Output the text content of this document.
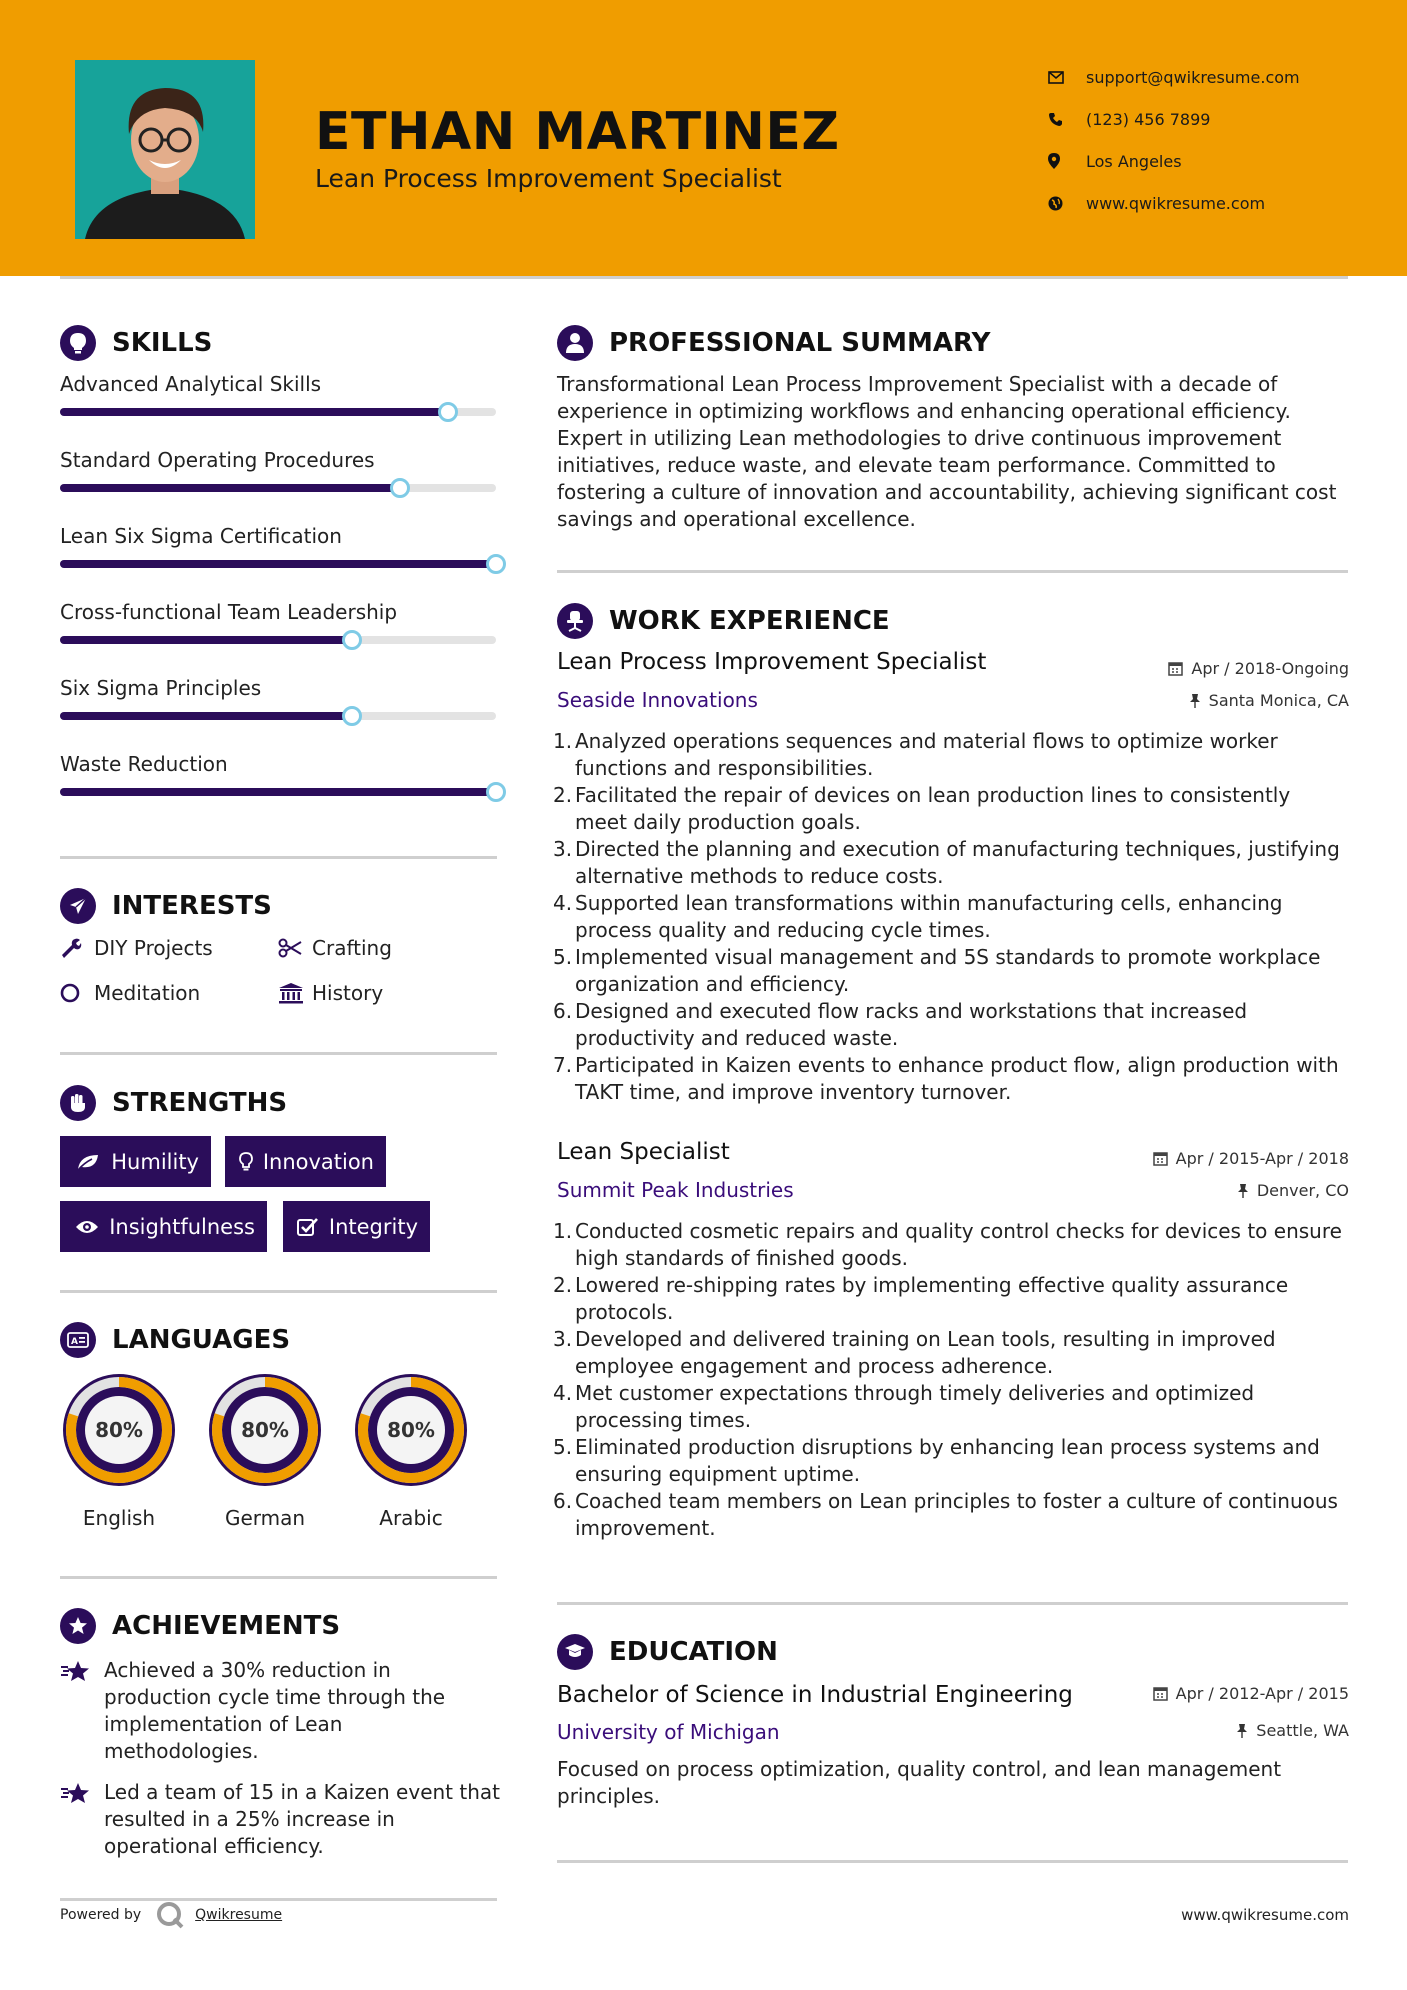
ETHAN MARTINEZ
Lean Process Improvement Specialist
support@qwikresume.com
(123) 456 7899
Los Angeles
www.qwikresume.com
SKILLS
Advanced Analytical Skills
Standard Operating Procedures
Lean Six Sigma Certification
Cross-functional Team Leadership
Six Sigma Principles
Waste Reduction
INTERESTS
DIY Projects	Crafting
Meditation	History
STRENGTHS
Humility	Innovation
Insightfulness	Integrity
A LANGUAGES
80%
English
80%
German
80%
Arabic
ACHIEVEMENTS
Achieved a 30% reduction in production cycle time through the implementation of Lean methodologies.
Led a team of 15 in a Kaizen event that resulted in a 25% increase in operational efficiency.
PROFESSIONAL SUMMARY
Transformational Lean Process Improvement Specialist with a decade of experience in optimizing workflows and enhancing operational efficiency. Expert in utilizing Lean methodologies to drive continuous improvement initiatives, reduce waste, and elevate team performance. Committed to fostering a culture of innovation and accountability, achieving significant cost savings and operational excellence.
WORK EXPERIENCE
Lean Process Improvement Specialist	Apr / 2018-Ongoing
Seaside Innovations	Santa Monica, CA
Analyzed operations sequences and material flows to optimize worker functions and responsibilities.
Facilitated the repair of devices on lean production lines to consistently meet daily production goals.
Directed the planning and execution of manufacturing techniques, justifying alternative methods to reduce costs.
Supported lean transformations within manufacturing cells, enhancing process quality and reducing cycle times.
Implemented visual management and 5S standards to promote workplace organization and efficiency.
Designed and executed flow racks and workstations that increased productivity and reduced waste.
Participated in Kaizen events to enhance product flow, align production with TAKT time, and improve inventory turnover.
Lean Specialist	Apr / 2015-Apr / 2018
Summit Peak Industries	Denver, CO
Conducted cosmetic repairs and quality control checks for devices to ensure high standards of finished goods.
Lowered re-shipping rates by implementing effective quality assurance protocols.
Developed and delivered training on Lean tools, resulting in improved employee engagement and process adherence.
Met customer expectations through timely deliveries and optimized processing times.
Eliminated production disruptions by enhancing lean process systems and ensuring equipment uptime.
Coached team members on Lean principles to foster a culture of continuous improvement.
EDUCATION
Bachelor of Science in Industrial Engineering	Apr / 2012-Apr / 2015
University of Michigan	Seattle, WA
Focused on process optimization, quality control, and lean management principles.
Powered by	Qwikresume	www.qwikresume.com
